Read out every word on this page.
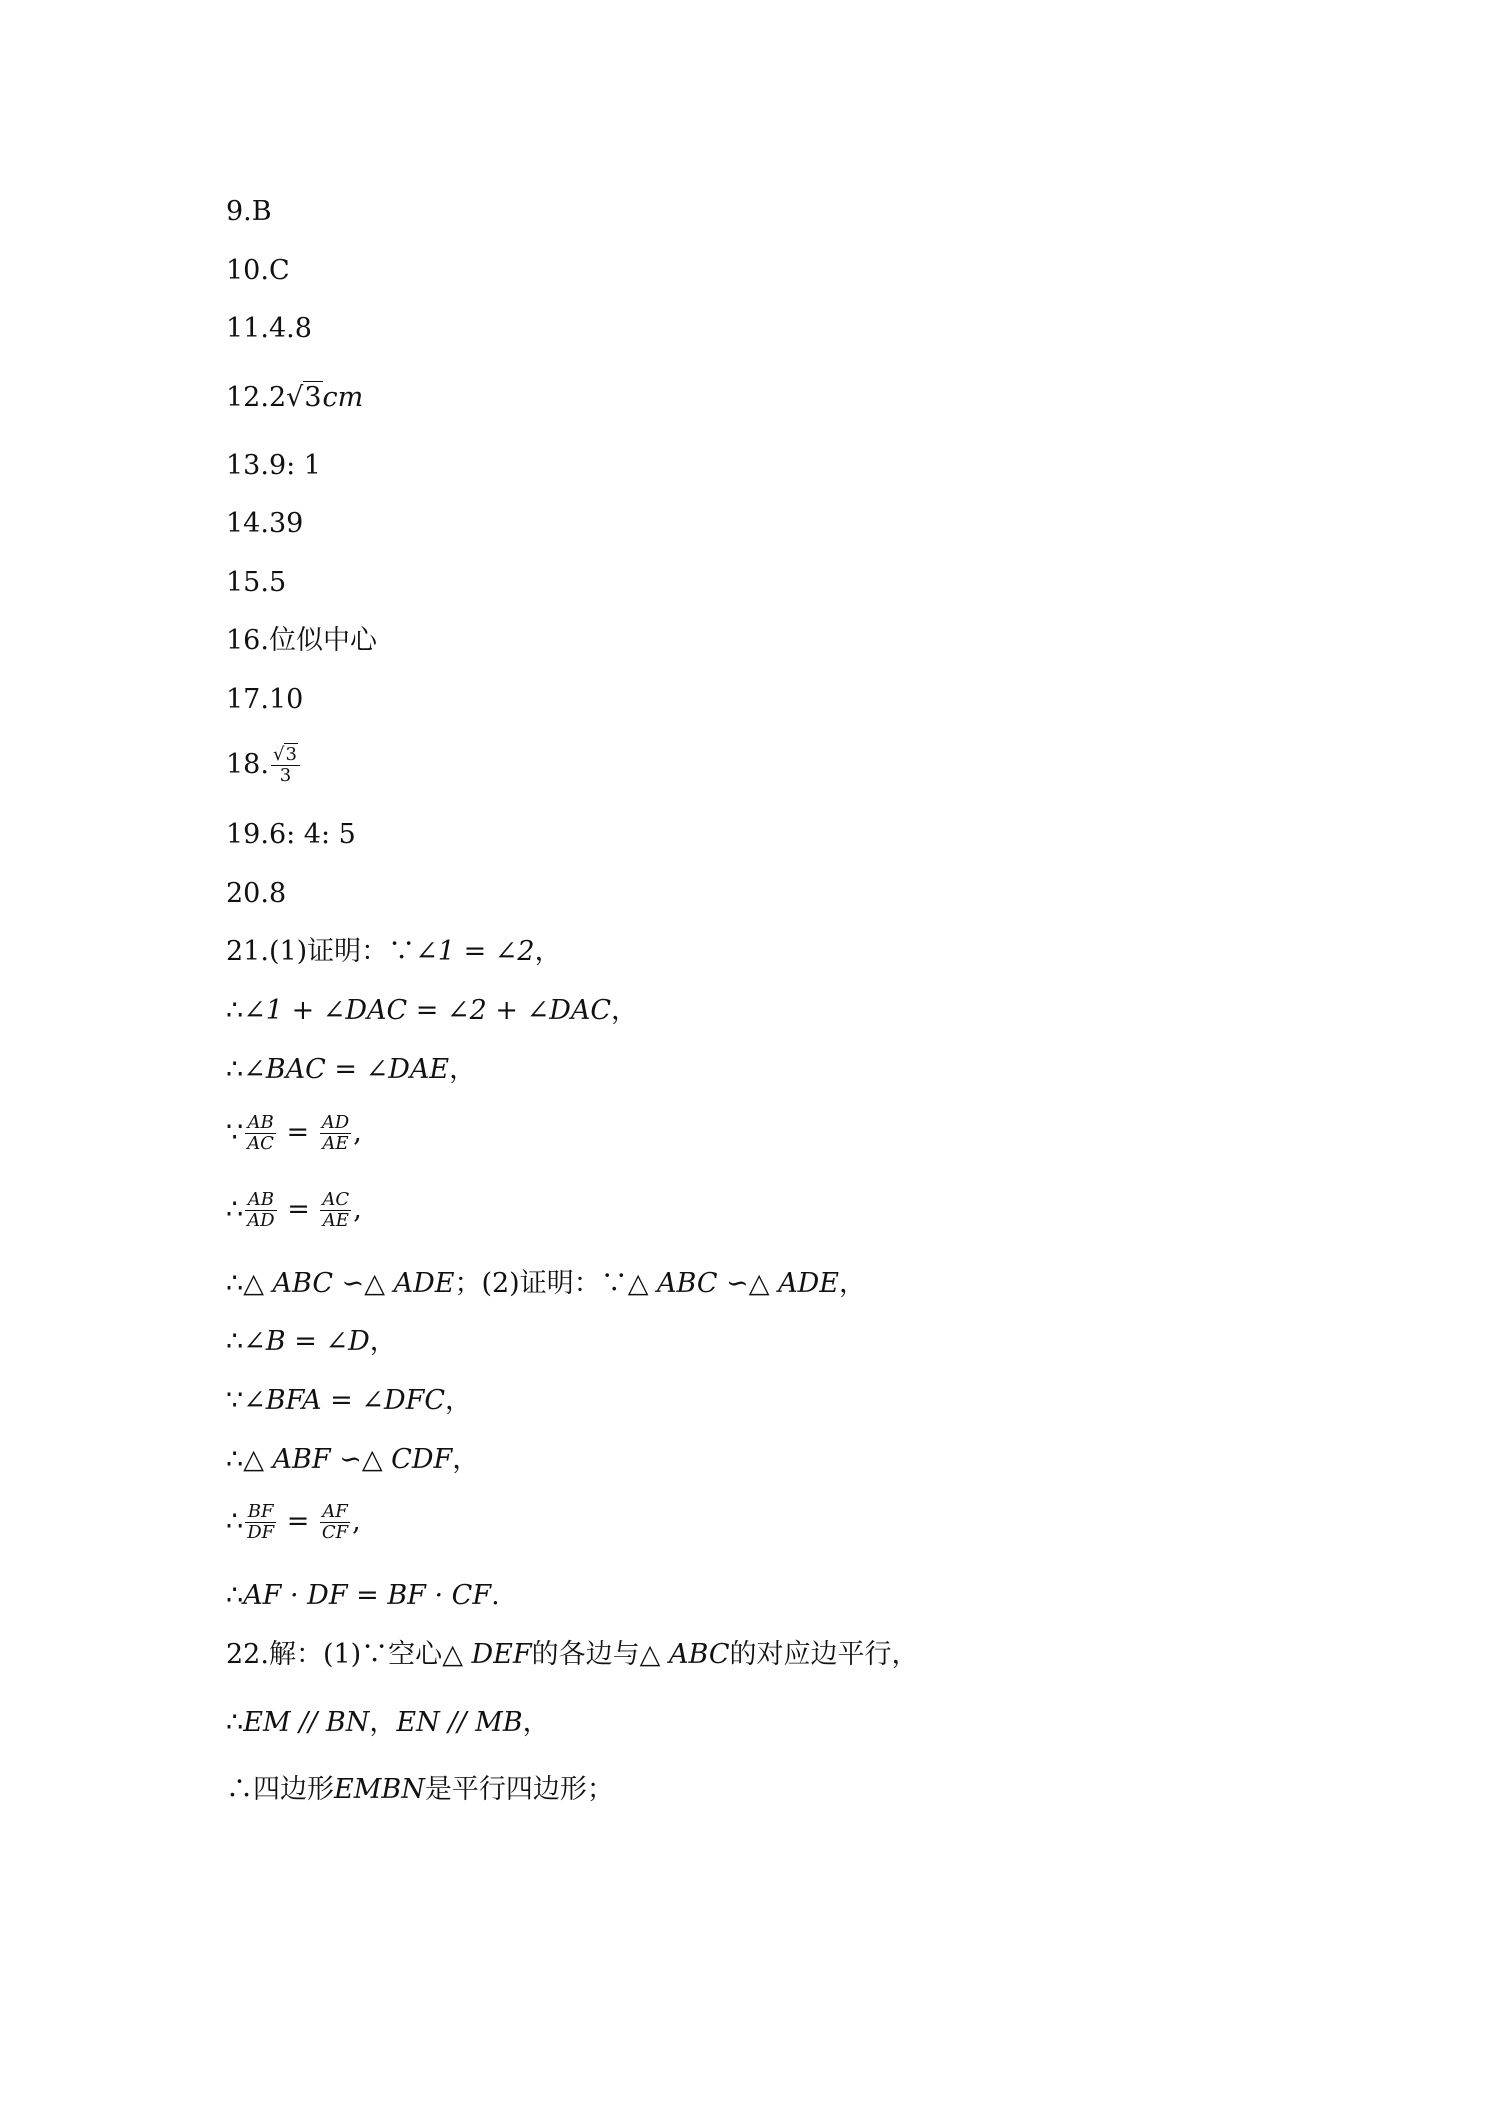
9.B
10.C
11.4.8
12.2√3cm
13.9: 1
14.39
15.5
16.位似中心
17.10
18. $\frac{√3}{3}$
19.6: 4: 5
20.8
21.(1)证明：∵∠1 = ∠2，
∴∠1 + ∠DAC = ∠2 + ∠DAC，
∴∠BAC = ∠DAE，
∵ $\frac{AB}{AC} = \frac{AD}{AE}$ ,
∴ $\frac{AB}{AD} = \frac{AC}{AE}$ ,
∴△ ABC ∽△ ADE；(2)证明：∵△ ABC ∽△ ADE，
∴∠B = ∠D，
∵∠BFA = ∠DFC，
∴△ ABF ∽△ CDF，
∴ $\frac{BF}{DF} = \frac{AF}{CF}$ ,
∴AF · DF = BF · CF.
22.解：(1)∵空心△ DEF的各边与△ ABC的对应边平行，
∴EM // BN，EN // MB，
∴四边形EMBN是平行四边形；
